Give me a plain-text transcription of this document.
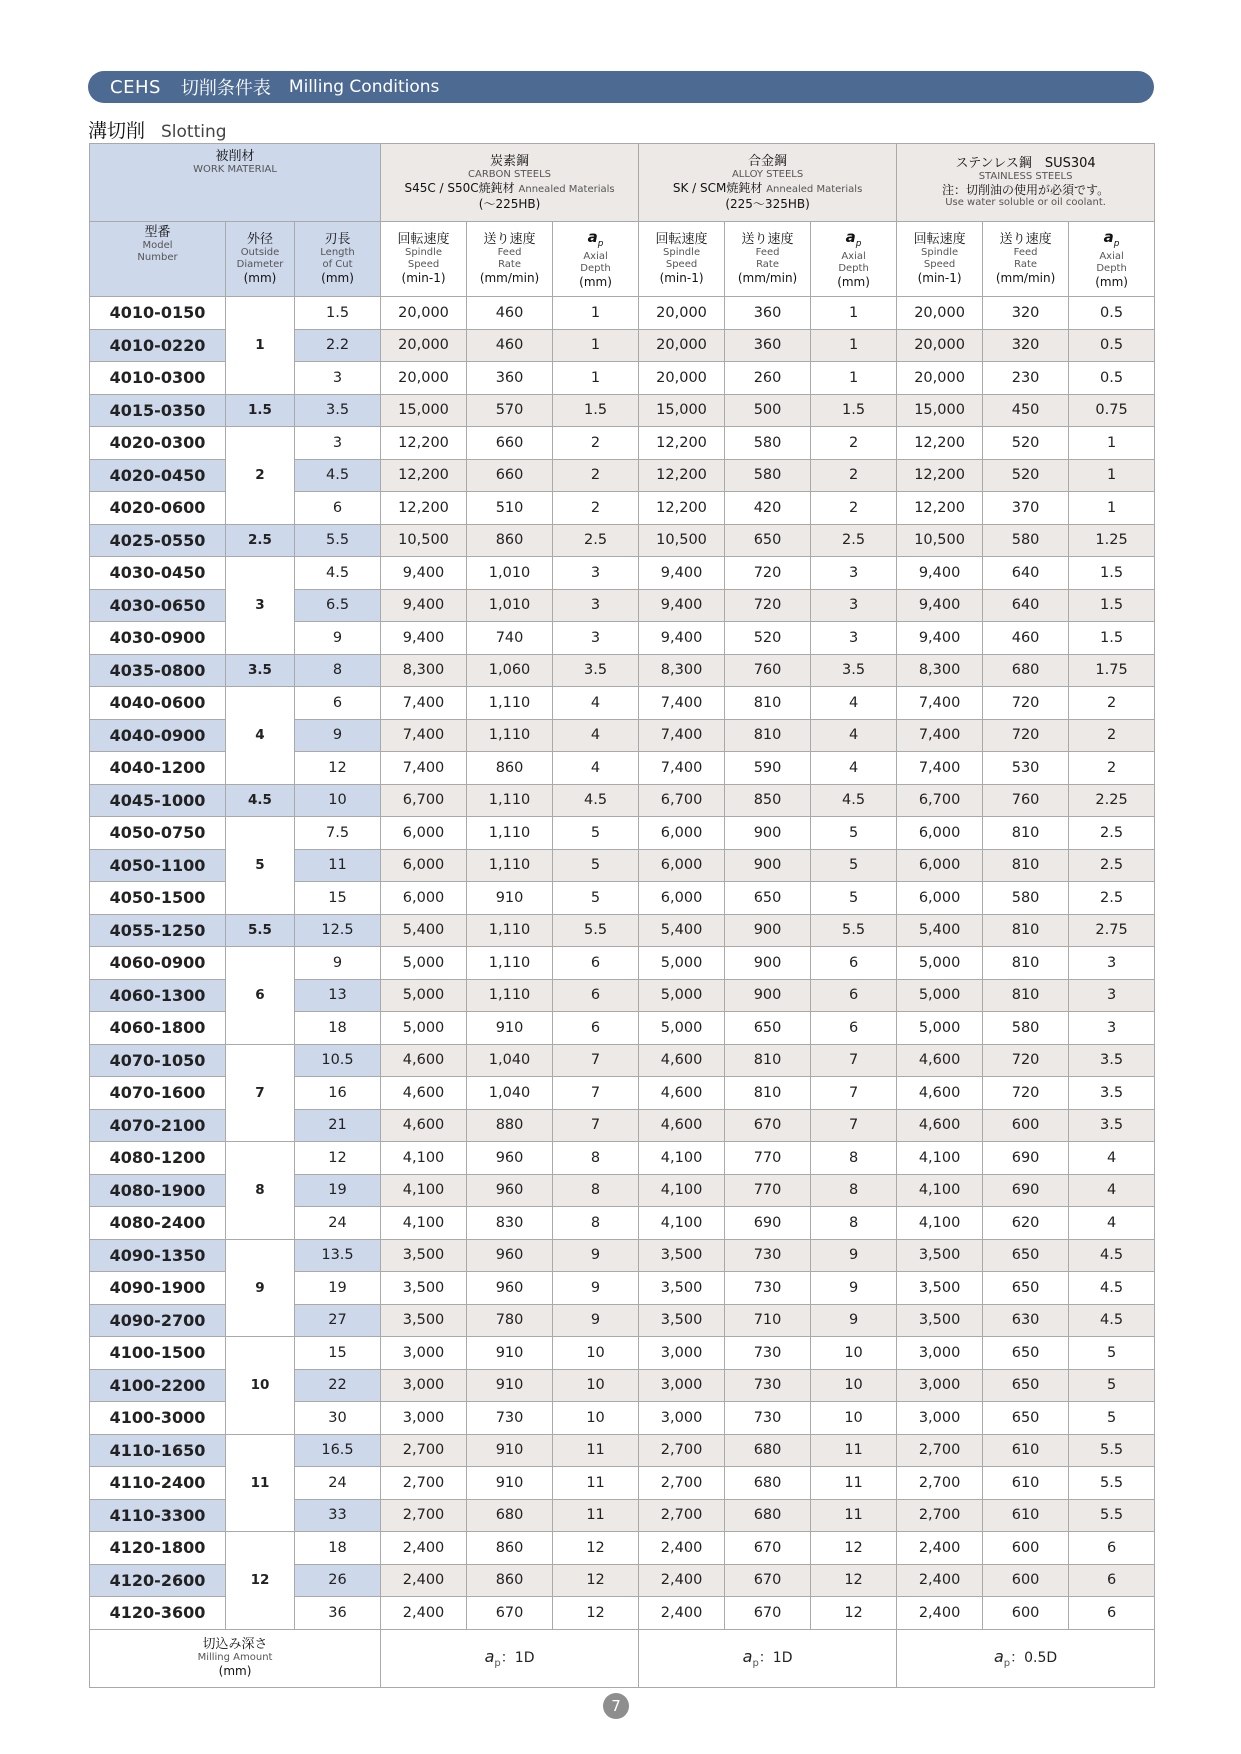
CEHS 切削条件表 Milling Conditions
溝切削 Slotting
被削材
WORK MATERIAL			炭素鋼
CARBON STEELS
S45C / S50C焼鈍材 Annealed Materials
(〜225HB)			合金鋼
ALLOY STEELS
SK / SCM焼鈍材 Annealed Materials
(225〜325HB)			ステンレス鋼　SUS304
STAINLESS STEELS
注：切削油の使用が必須です。
Use water soluble or oil coolant.		

型番
Model
Number	外径
Outside
Diameter
(mm)	刃長
Length
of Cut
(mm)	回転速度
Spindle
Speed
(min-1)	送り速度
Feed
Rate
(mm/min)	$a_p$
Axial
Depth
(mm)	回転速度
Spindle
Speed
(min-1)	送り速度
Feed
Rate
(mm/min)	$a_p$
Axial
Depth
(mm)	回転速度
Spindle
Speed
(min-1)	送り速度
Feed
Rate
(mm/min)	$a_p$
Axial
Depth
(mm)

4010-0150	1	1.5	20,000	460	1	20,000	360	1	20,000	320	0.5
4010-0220		2.2	20,000	460	1	20,000	360	1	20,000	320	0.5
4010-0300		3	20,000	360	1	20,000	260	1	20,000	230	0.5
4015-0350	1.5	3.5	15,000	570	1.5	15,000	500	1.5	15,000	450	0.75
4020-0300	2	3	12,200	660	2	12,200	580	2	12,200	520	1
4020-0450		4.5	12,200	660	2	12,200	580	2	12,200	520	1
4020-0600		6	12,200	510	2	12,200	420	2	12,200	370	1
4025-0550	2.5	5.5	10,500	860	2.5	10,500	650	2.5	10,500	580	1.25
4030-0450	3	4.5	9,400	1,010	3	9,400	720	3	9,400	640	1.5
4030-0650		6.5	9,400	1,010	3	9,400	720	3	9,400	640	1.5
4030-0900		9	9,400	740	3	9,400	520	3	9,400	460	1.5
4035-0800	3.5	8	8,300	1,060	3.5	8,300	760	3.5	8,300	680	1.75
4040-0600	4	6	7,400	1,110	4	7,400	810	4	7,400	720	2
4040-0900		9	7,400	1,110	4	7,400	810	4	7,400	720	2
4040-1200		12	7,400	860	4	7,400	590	4	7,400	530	2
4045-1000	4.5	10	6,700	1,110	4.5	6,700	850	4.5	6,700	760	2.25
4050-0750	5	7.5	6,000	1,110	5	6,000	900	5	6,000	810	2.5
4050-1100		11	6,000	1,110	5	6,000	900	5	6,000	810	2.5
4050-1500		15	6,000	910	5	6,000	650	5	6,000	580	2.5
4055-1250	5.5	12.5	5,400	1,110	5.5	5,400	900	5.5	5,400	810	2.75
4060-0900	6	9	5,000	1,110	6	5,000	900	6	5,000	810	3
4060-1300		13	5,000	1,110	6	5,000	900	6	5,000	810	3
4060-1800		18	5,000	910	6	5,000	650	6	5,000	580	3
4070-1050	7	10.5	4,600	1,040	7	4,600	810	7	4,600	720	3.5
4070-1600		16	4,600	1,040	7	4,600	810	7	4,600	720	3.5
4070-2100		21	4,600	880	7	4,600	670	7	4,600	600	3.5
4080-1200	8	12	4,100	960	8	4,100	770	8	4,100	690	4
4080-1900		19	4,100	960	8	4,100	770	8	4,100	690	4
4080-2400		24	4,100	830	8	4,100	690	8	4,100	620	4
4090-1350	9	13.5	3,500	960	9	3,500	730	9	3,500	650	4.5
4090-1900		19	3,500	960	9	3,500	730	9	3,500	650	4.5
4090-2700		27	3,500	780	9	3,500	710	9	3,500	630	4.5
4100-1500	10	15	3,000	910	10	3,000	730	10	3,000	650	5
4100-2200		22	3,000	910	10	3,000	730	10	3,000	650	5
4100-3000		30	3,000	730	10	3,000	730	10	3,000	650	5
4110-1650	11	16.5	2,700	910	11	2,700	680	11	2,700	610	5.5
4110-2400		24	2,700	910	11	2,700	680	11	2,700	610	5.5
4110-3300		33	2,700	680	11	2,700	680	11	2,700	610	5.5
4120-1800	12	18	2,400	860	12	2,400	670	12	2,400	600	6
4120-2600		26	2,400	860	12	2,400	670	12	2,400	600	6
4120-3600		36	2,400	670	12	2,400	670	12	2,400	600	6

切込み深さ
Milling Amount
(mm)			$a_p$：1D			$a_p$：1D			$a_p$：0.5D		
7
